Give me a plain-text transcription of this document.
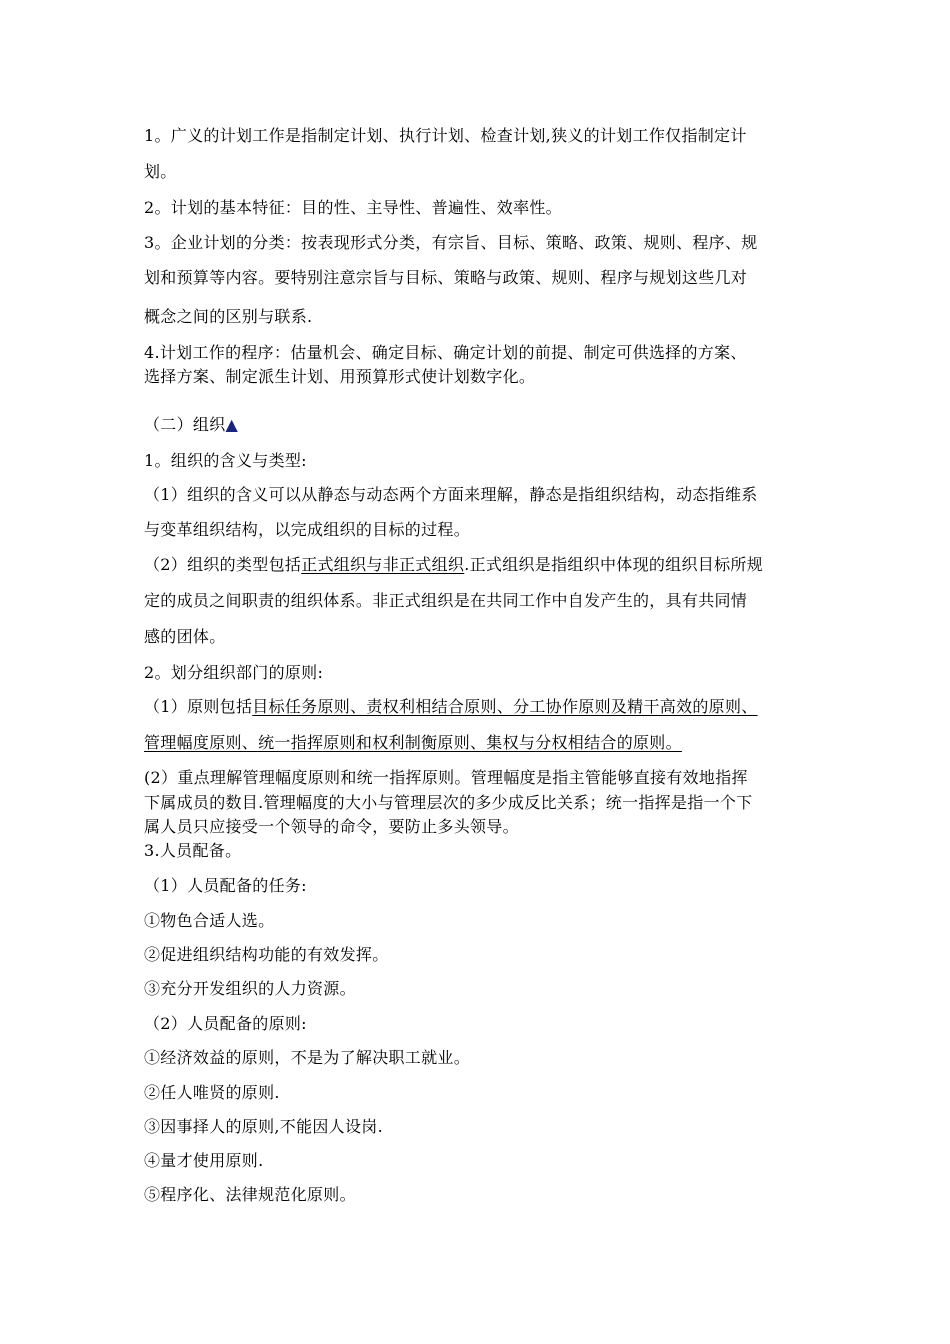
1。广义的计划工作是指制定计划、执行计划、检查计划,狭义的计划工作仅指制定计
划。
2。计划的基本特征：目的性、主导性、普遍性、效率性。
3。企业计划的分类：按表现形式分类，有宗旨、目标、策略、政策、规则、程序、规
划和预算等内容。要特别注意宗旨与目标、策略与政策、规则、程序与规划这些几对
概念之间的区别与联系.
4.计划工作的程序：估量机会、确定目标、确定计划的前提、制定可供选择的方案、
选择方案、制定派生计划、用预算形式使计划数字化。
（二）组织▲
1。组织的含义与类型:
（1）组织的含义可以从静态与动态两个方面来理解，静态是指组织结构，动态指维系
与变革组织结构，以完成组织的目标的过程。
（2）组织的类型包括正式组织与非正式组织.正式组织是指组织中体现的组织目标所规
定的成员之间职责的组织体系。非正式组织是在共同工作中自发产生的，具有共同情
感的团体。
2。划分组织部门的原则:
（1）原则包括目标任务原则、责权利相结合原则、分工协作原则及精干高效的原则、
管理幅度原则、统一指挥原则和权利制衡原则、集权与分权相结合的原则。
(2）重点理解管理幅度原则和统一指挥原则。管理幅度是指主管能够直接有效地指挥
下属成员的数目.管理幅度的大小与管理层次的多少成反比关系；统一指挥是指一个下
属人员只应接受一个领导的命令，要防止多头领导。
3.人员配备。
（1）人员配备的任务:
①物色合适人选。
②促进组织结构功能的有效发挥。
③充分开发组织的人力资源。
（2）人员配备的原则:
①经济效益的原则，不是为了解决职工就业。
②任人唯贤的原则.
③因事择人的原则,不能因人设岗.
④量才使用原则.
⑤程序化、法律规范化原则。
